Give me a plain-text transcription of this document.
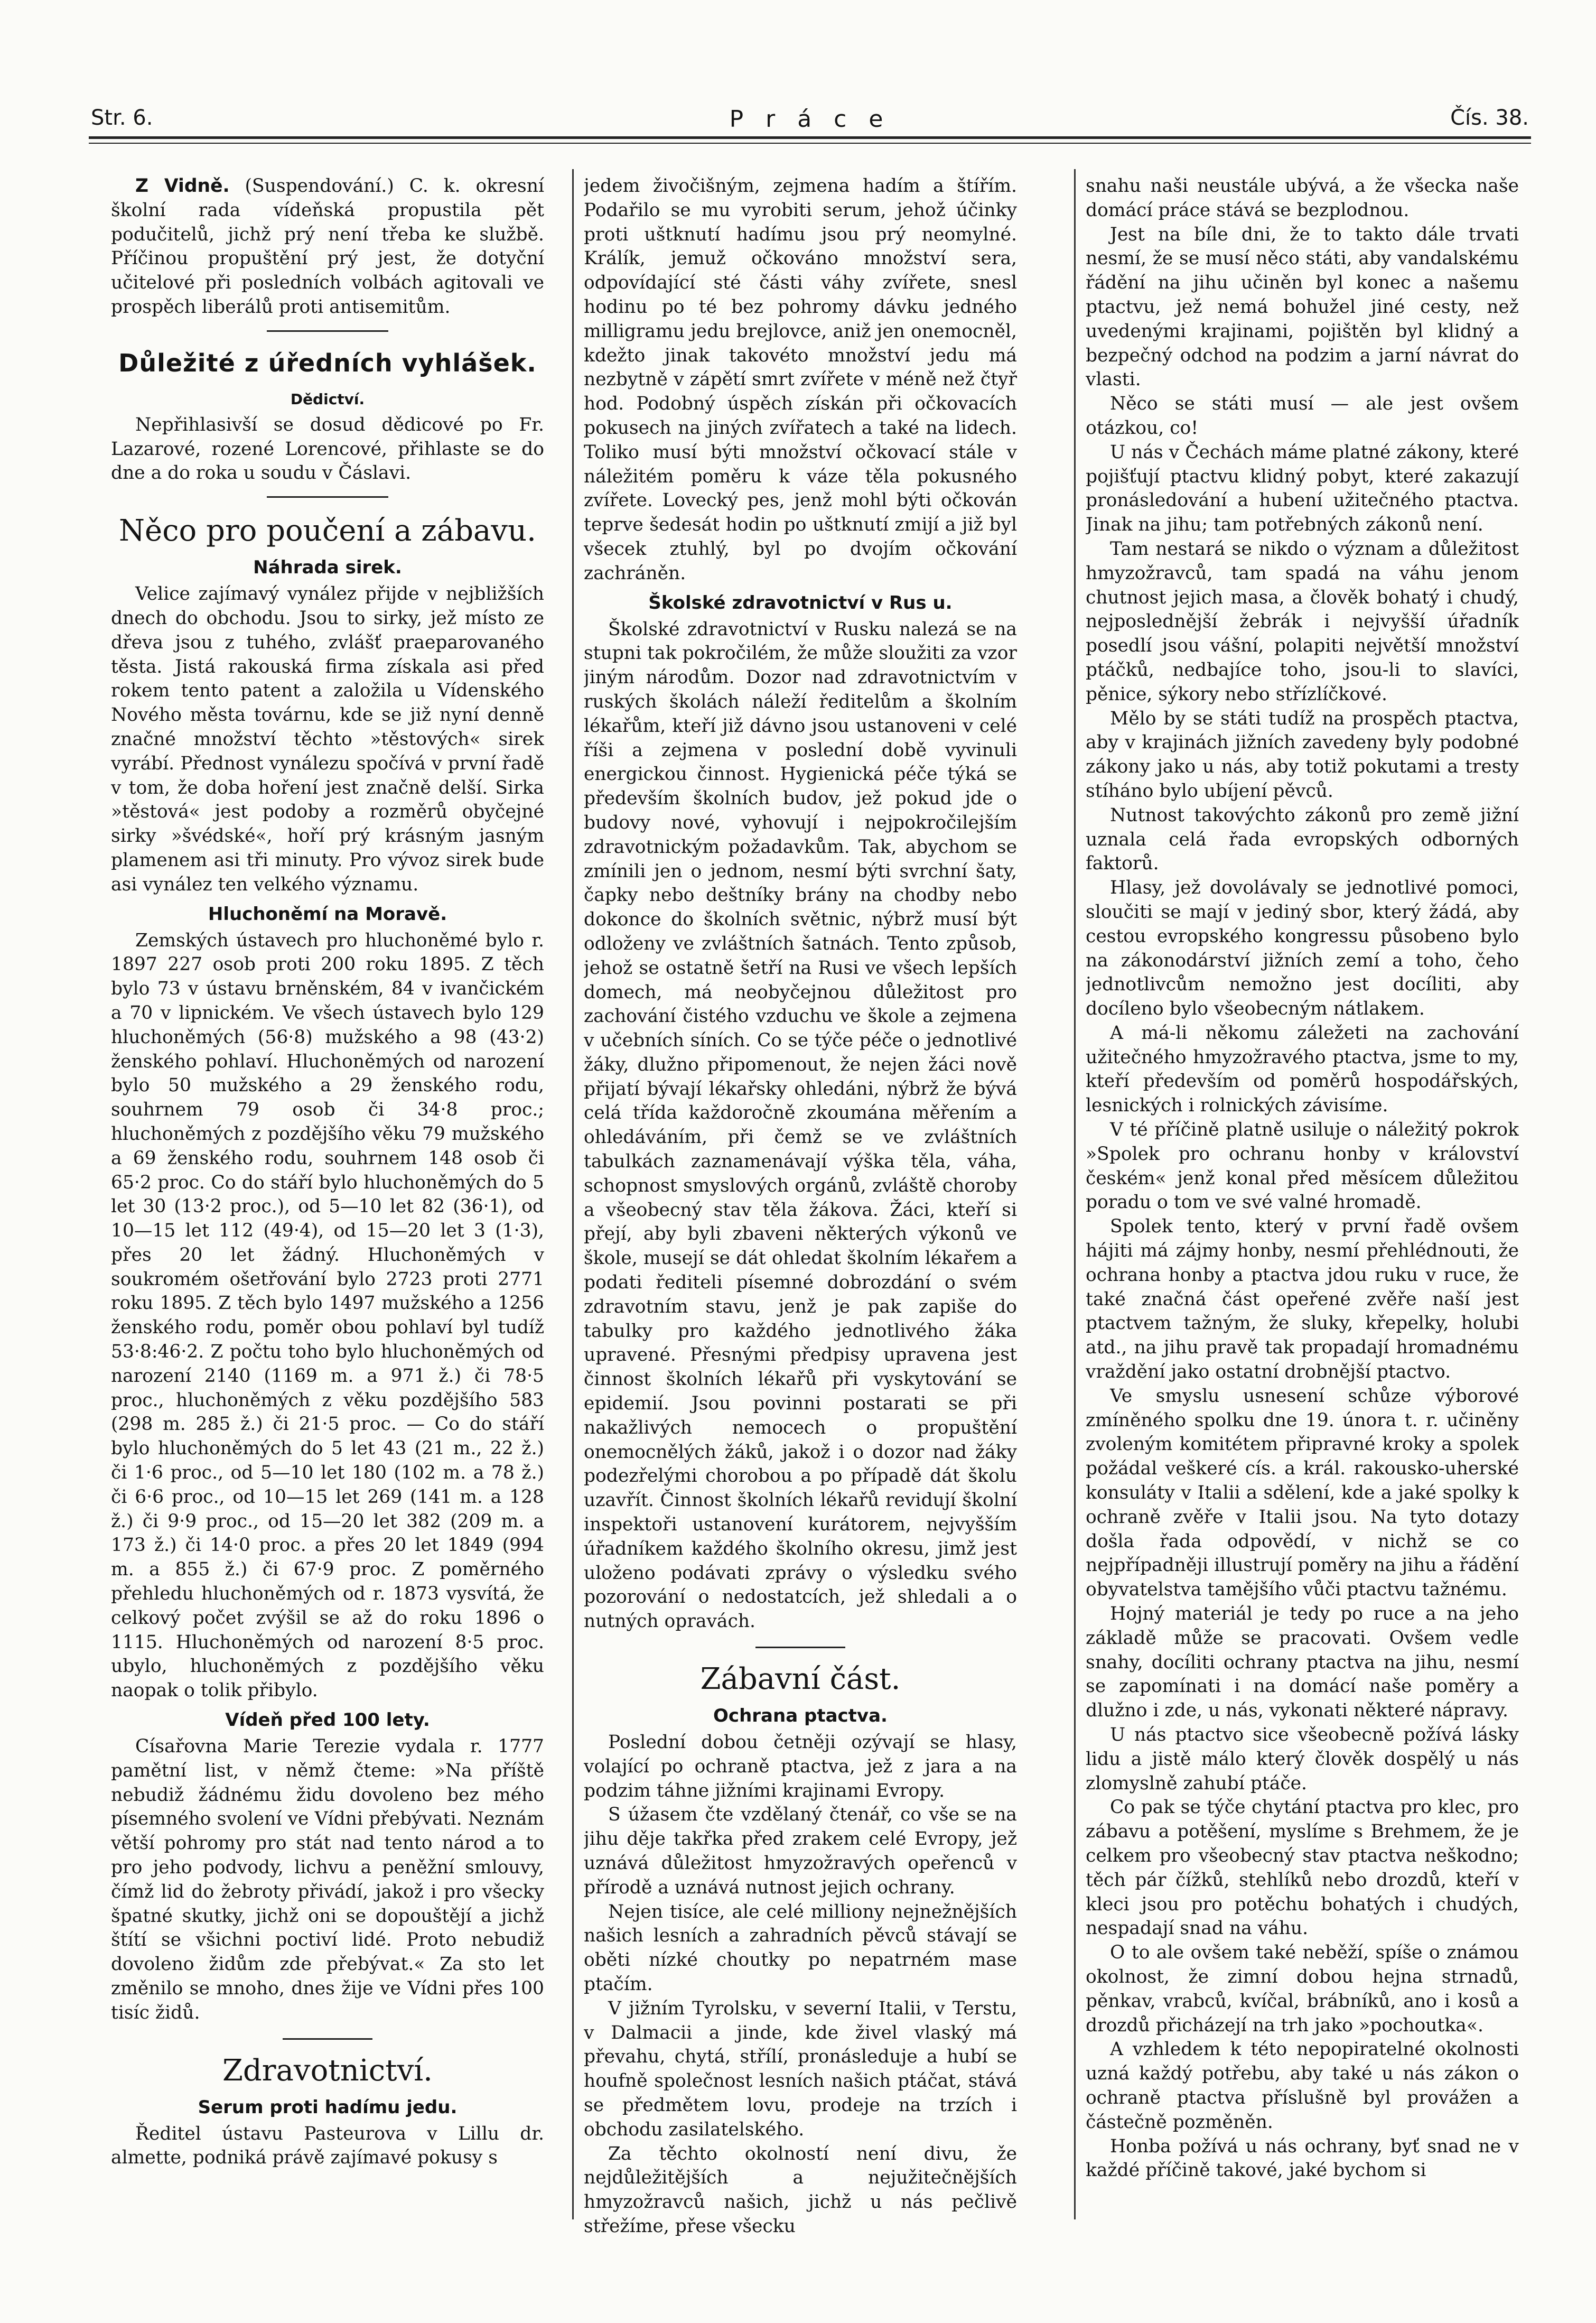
Str. 6.	P r á c e	Čís. 38.

Z Vidně. (Suspendování.) C. k. okresní školní rada vídeňská propustila pět podučitelů, jichž prý není třeba ke službě. Příčinou propuštění prý jest, že dotyční učitelové při posledních volbách agitovali ve prospěch liberálů proti antisemitům.

Důležité z úředních vyhlášek.
Dědictví.

Nepřihlasivší se dosud dědicové po Fr. Lazarové, rozené Lorencové, přihlaste se do dne a do roka u soudu v Čáslavi.

Něco pro poučení a zábavu.
Náhrada sirek.

Velice zajímavý vynález přijde v nejbližších dnech do obchodu. Jsou to sirky, jež místo ze dřeva jsou z tuhého, zvlášť praeparovaného těsta. Jistá rakouská firma získala asi před rokem tento patent a založila u Vídenského Nového města továrnu, kde se již nyní denně značné množství těchto »těstových« sirek vyrábí. Přednost vynálezu spočívá v první řadě v tom, že doba hoření jest značně delší. Sirka »těstová« jest podoby a rozměrů obyčejné sirky »švédské«, hoří prý krásným jasným plamenem asi tři minuty. Pro vývoz sirek bude asi vynález ten velkého významu.

Hluchoněmí na Moravě.

Zemských ústavech pro hluchoněmé bylo r. 1897 227 osob proti 200 roku 1895. Z těch bylo 73 v ústavu brněnském, 84 v ivančickém a 70 v lipnickém. Ve všech ústavech bylo 129 hluchoněmých (56·8) mužského a 98 (43·2) ženského pohlaví. Hluchoněmých od narození bylo 50 mužského a 29 ženského rodu, souhrnem 79 osob či 34·8 proc.; hluchoněmých z pozdějšího věku 79 mužského a 69 ženského rodu, souhrnem 148 osob či 65·2 proc. Co do stáří bylo hluchoněmých do 5 let 30 (13·2 proc.), od 5—10 let 82 (36·1), od 10—15 let 112 (49·4), od 15—20 let 3 (1·3), přes 20 let žádný. Hluchoněmých v soukromém ošetřování bylo 2723 proti 2771 roku 1895. Z těch bylo 1497 mužského a 1256 ženského rodu, poměr obou pohlaví byl tudíž 53·8:46·2. Z počtu toho bylo hluchoněmých od narození 2140 (1169 m. a 971 ž.) či 78·5 proc., hluchoněmých z věku pozdějšího 583 (298 m. 285 ž.) či 21·5 proc. — Co do stáří bylo hluchoněmých do 5 let 43 (21 m., 22 ž.) či 1·6 proc., od 5—10 let 180 (102 m. a 78 ž.) či 6·6 proc., od 10—15 let 269 (141 m. a 128 ž.) či 9·9 proc., od 15—20 let 382 (209 m. a 173 ž.) či 14·0 proc. a přes 20 let 1849 (994 m. a 855 ž.) či 67·9 proc. Z poměrného přehledu hluchoněmých od r. 1873 vysvítá, že celkový počet zvýšil se až do roku 1896 o 1115. Hluchoněmých od narození 8·5 proc. ubylo, hluchoněmých z pozdějšího věku naopak o tolik přibylo.

Vídeň před 100 lety.

Císařovna Marie Terezie vydala r. 1777 pamětní list, v němž čteme: »Na příště nebudiž žádnému židu dovoleno bez mého písemného svolení ve Vídni přebývati. Neznám větší pohromy pro stát nad tento národ a to pro jeho podvody, lichvu a peněžní smlouvy, čímž lid do žebroty přivádí, jakož i pro všecky špatné skutky, jichž oni se dopouštějí a jichž štítí se všichni poctiví lidé. Proto nebudiž dovoleno židům zde přebývat.« Za sto let změnilo se mnoho, dnes žije ve Vídni přes 100 tisíc židů.

Zdravotnictví.
Serum proti hadímu jedu.

Ředitel ústavu Pasteurova v Lillu dr. almette, podniká právě zajímavé pokusy s

jedem živočišným, zejmena hadím a štířím. Podařilo se mu vyrobiti serum, jehož účinky proti uštknutí hadímu jsou prý neomylné. Králík, jemuž očkováno množství sera, odpovídající sté části váhy zvířete, snesl hodinu po té bez pohromy dávku jedného milligramu jedu brejlovce, aniž jen onemocněl, kdežto jinak takovéto množství jedu má nezbytně v zápětí smrt zvířete v méně než čtyř hod. Podobný úspěch získán při očkovacích pokusech na jiných zvířatech a také na lidech. Toliko musí býti množství očkovací stále v náležitém poměru k váze těla pokusného zvířete. Lovecký pes, jenž mohl býti očkován teprve šedesát hodin po uštknutí zmijí a již byl všecek ztuhlý, byl po dvojím očkování zachráněn.

Školské zdravotnictví v Rus u.

Školské zdravotnictví v Rusku nalezá se na stupni tak pokročilém, že může sloužiti za vzor jiným národům. Dozor nad zdravotnictvím v ruských školách náleží ředitelům a školním lékařům, kteří již dávno jsou ustanoveni v celé říši a zejmena v poslední době vyvinuli energickou činnost. Hygienická péče týká se především školních budov, jež pokud jde o budovy nové, vyhovují i nejpokročilejším zdravotnickým požadavkům. Tak, abychom se zmínili jen o jednom, nesmí býti svrchní šaty, čapky nebo deštníky brány na chodby nebo dokonce do školních světnic, nýbrž musí být odloženy ve zvláštních šatnách. Tento způsob, jehož se ostatně šetří na Rusi ve všech lepších domech, má neobyčejnou důležitost pro zachování čistého vzduchu ve škole a zejmena v učebních síních. Co se týče péče o jednotlivé žáky, dlužno připomenout, že nejen žáci nově přijatí bývají lékařsky ohledáni, nýbrž že bývá celá třída každoročně zkoumána měřením a ohledáváním, při čemž se ve zvláštních tabulkách zaznamenávají výška těla, váha, schopnost smyslových orgánů, zvláště choroby a všeobecný stav těla žákova. Žáci, kteří si přejí, aby byli zbaveni některých výkonů ve škole, musejí se dát ohledat školním lékařem a podati řediteli písemné dobrozdání o svém zdravotním stavu, jenž je pak zapiše do tabulky pro každého jednotlivého žáka upravené. Přesnými předpisy upravena jest činnost školních lékařů při vyskytování se epidemií. Jsou povinni postarati se při nakažlivých nemocech o propuštění onemocnělých žáků, jakož i o dozor nad žáky podezřelými chorobou a po případě dát školu uzavřít. Činnost školních lékařů revidují školní inspektoři ustanovení kurátorem, nejvyšším úřadníkem každého školního okresu, jimž jest uloženo podávati zprávy o výsledku svého pozorování o nedostatcích, jež shledali a o nutných opravách.

Zábavní část.
Ochrana ptactva.

Poslední dobou četněji ozývají se hlasy, volající po ochraně ptactva, jež z jara a na podzim táhne jižními krajinami Evropy.

S úžasem čte vzdělaný čtenář, co vše se na jihu děje takřka před zrakem celé Evropy, jež uznává důležitost hmyzožravých opeřenců v přírodě a uznává nutnost jejich ochrany.

Nejen tisíce, ale celé milliony nejnežnějších našich lesních a zahradních pěvců stávají se oběti nízké choutky po nepatrném mase ptačím.

V jižním Tyrolsku, v severní Italii, v Terstu, v Dalmacii a jinde, kde živel vlaský má převahu, chytá, střílí, pronásleduje a hubí se houfně společnost lesních našich ptáčat, stává se předmětem lovu, prodeje na trzích i obchodu zasilatelského.

Za těchto okolností není divu, že nejdůležitějších a nejužitečnějších hmyzožravců našich, jichž u nás pečlivě střežíme, přese všecku

snahu naši neustále ubývá, a že všecka naše domácí práce stává se bezplodnou.

Jest na bíle dni, že to takto dále trvati nesmí, že se musí něco státi, aby vandalskému řádění na jihu učiněn byl konec a našemu ptactvu, jež nemá bohužel jiné cesty, než uvedenými krajinami, pojištěn byl klidný a bezpečný odchod na podzim a jarní návrat do vlasti.

Něco se státi musí — ale jest ovšem otázkou, co!

U nás v Čechách máme platné zákony, které pojišťují ptactvu klidný pobyt, které zakazují pronásledování a hubení užitečného ptactva. Jinak na jihu; tam potřebných zákonů není.

Tam nestará se nikdo o význam a důležitost hmyzožravců, tam spadá na váhu jenom chutnost jejich masa, a člověk bohatý i chudý, nejposlednější žebrák i nejvyšší úřadník posedlí jsou vášní, polapiti největší množství ptáčků, nedbajíce toho, jsou-li to slavíci, pěnice, sýkory nebo střízlíčkové.

Mělo by se státi tudíž na prospěch ptactva, aby v krajinách jižních zavedeny byly podobné zákony jako u nás, aby totiž pokutami a tresty stíháno bylo ubíjení pěvců.

Nutnost takovýchto zákonů pro země jižní uznala celá řada evropských odborných faktorů.

Hlasy, jež dovolávaly se jednotlivé pomoci, sloučiti se mají v jediný sbor, který žádá, aby cestou evropského kongressu působeno bylo na zákonodárství jižních zemí a toho, čeho jednotlivcům nemožno jest docíliti, aby docíleno bylo všeobecným nátlakem.

A má-li někomu záležeti na zachování užitečného hmyzožravého ptactva, jsme to my, kteří především od poměrů hospodářských, lesnických i rolnických závisíme.

V té příčině platně usiluje o náležitý pokrok »Spolek pro ochranu honby v království českém« jenž konal před měsícem důležitou poradu o tom ve své valné hromadě.

Spolek tento, který v první řadě ovšem hájiti má zájmy honby, nesmí přehlédnouti, že ochrana honby a ptactva jdou ruku v ruce, že také značná část opeřené zvěře naší jest ptactvem tažným, že sluky, křepelky, holubi atd., na jihu pravě tak propadají hromadnému vraždění jako ostatní drobnější ptactvo.

Ve smyslu usnesení schůze výborové zmíněného spolku dne 19. února t. r. učiněny zvoleným komitétem připravné kroky a spolek požádal veškeré cís. a král. rakousko-uherské konsuláty v Italii a sdělení, kde a jaké spolky k ochraně zvěře v Italii jsou. Na tyto dotazy došla řada odpovědí, v nichž se co nejpřípadněji illustrují poměry na jihu a řádění obyvatelstva tamějšího vůči ptactvu tažnému.

Hojný materiál je tedy po ruce a na jeho základě může se pracovati. Ovšem vedle snahy, docíliti ochrany ptactva na jihu, nesmí se zapomínati i na domácí naše poměry a dlužno i zde, u nás, vykonati některé nápravy.

U nás ptactvo sice všeobecně požívá lásky lidu a jistě málo který člověk dospělý u nás zlomyslně zahubí ptáče.

Co pak se týče chytání ptactva pro klec, pro zábavu a potěšení, myslíme s Brehmem, že je celkem pro všeobecný stav ptactva neškodno; těch pár čížků, stehlíků nebo drozdů, kteří v kleci jsou pro potěchu bohatých i chudých, nespadají snad na váhu.

O to ale ovšem také neběží, spíše o známou okolnost, že zimní dobou hejna strnadů, pěnkav, vrabců, kvíčal, brábníků, ano i kosů a drozdů přicházejí na trh jako »pochoutka«.

A vzhledem k této nepopiratelné okolnosti uzná každý potřebu, aby také u nás zákon o ochraně ptactva příslušně byl provážen a částečně pozměněn.

Honba požívá u nás ochrany, byť snad ne v každé příčině takové, jaké bychom si
